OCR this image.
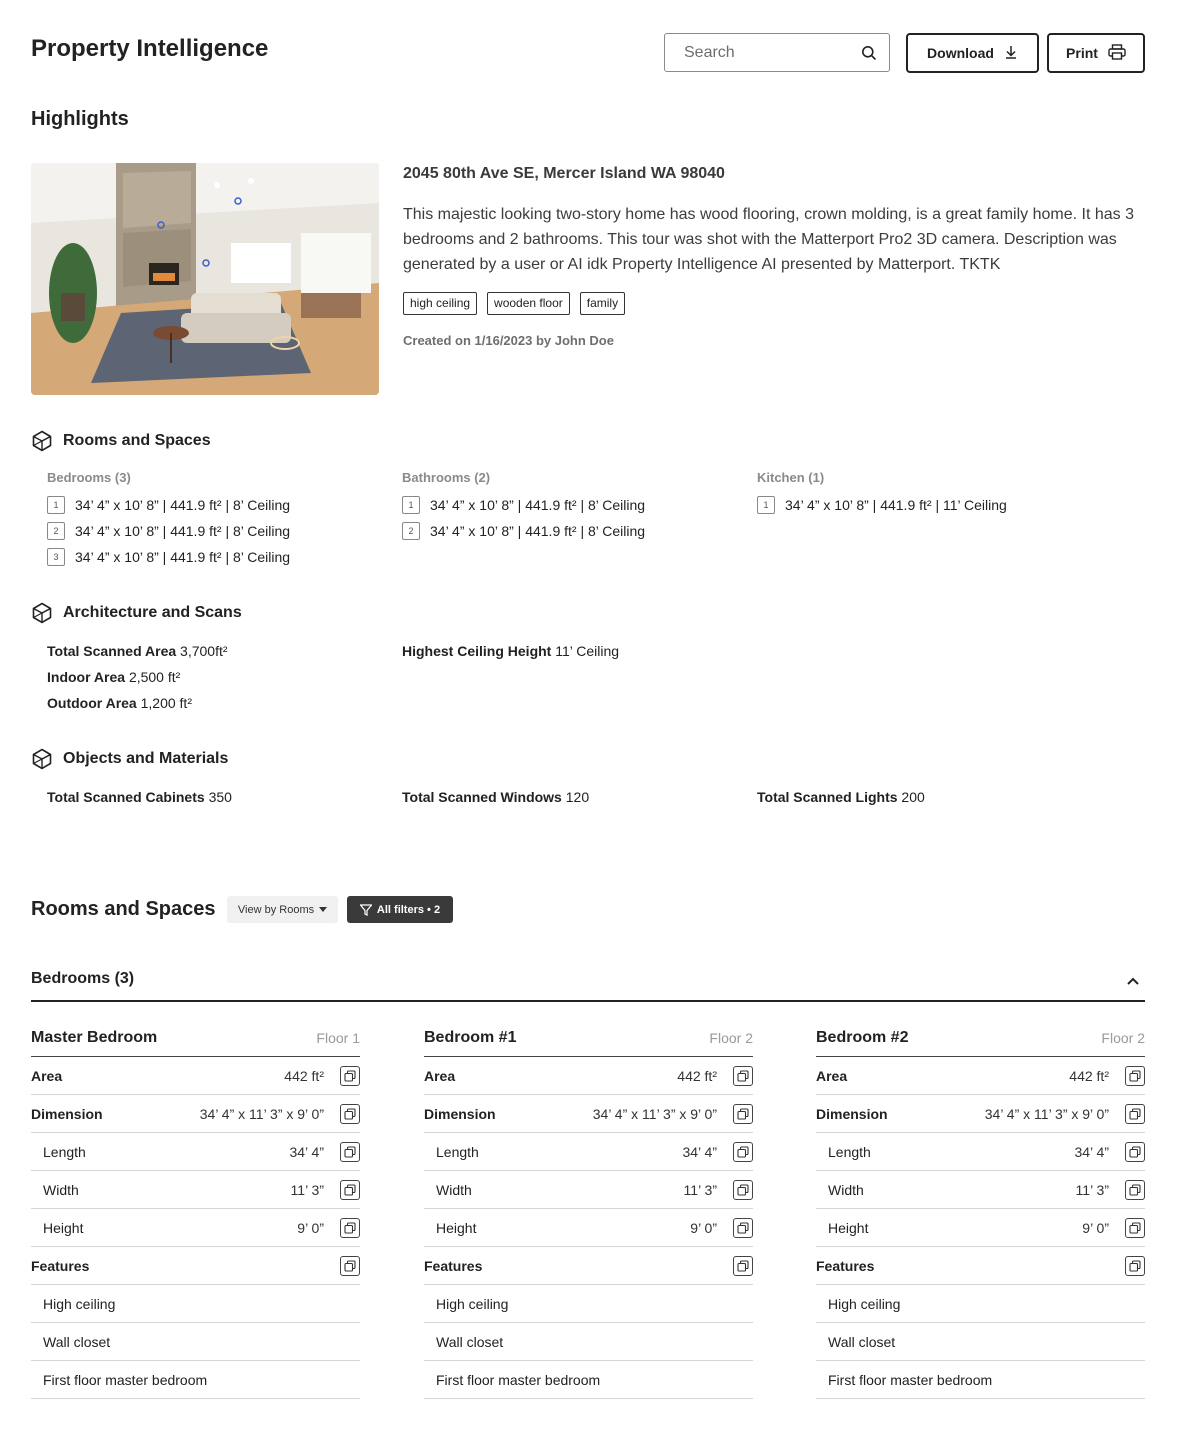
Property Intelligence
Search	Download	Print
Highlights
2045 80th Ave SE, Mercer Island WA 98040
This majestic looking two-story home has wood flooring, crown molding, is a great family home. It has 3 bedrooms and 2 bathrooms. This tour was shot with the Matterport Pro2 3D camera. Description was generated by a user or AI idk Property Intelligence AI presented by Matterport. TKTK
high ceiling	wooden floor	family
Created on 1/16/2023 by John Doe
Rooms and Spaces
Bedrooms (3)
1	34’ 4” x 10’ 8” | 441.9 ft² | 8’ Ceiling
2	34’ 4” x 10’ 8” | 441.9 ft² | 8’ Ceiling
3	34’ 4” x 10’ 8” | 441.9 ft² | 8’ Ceiling
Bathrooms (2)
1	34’ 4” x 10’ 8” | 441.9 ft² | 8’ Ceiling
2	34’ 4” x 10’ 8” | 441.9 ft² | 8’ Ceiling
Kitchen (1)
1	34’ 4” x 10’ 8” | 441.9 ft² | 11’ Ceiling
Architecture and Scans
Total Scanned Area 3,700ft²
Indoor Area 2,500 ft²
Outdoor Area 1,200 ft²
Highest Ceiling Height 11’ Ceiling
Objects and Materials
Total Scanned Cabinets 350	Total Scanned Windows 120	Total Scanned Lights 200
Rooms and Spaces View by Rooms	All filters • 2
Bedrooms (3)
Master Bedroom	Floor 1
Area	442 ft²
Dimension	34’ 4” x 11’ 3” x 9’ 0”
Length	34’ 4”
Width	11’ 3”
Height	9’ 0”
Features
High ceiling
Wall closet
First floor master bedroom
Bedroom #1	Floor 2
Area	442 ft²
Dimension	34’ 4” x 11’ 3” x 9’ 0”
Length	34’ 4”
Width	11’ 3”
Height	9’ 0”
Features
High ceiling
Wall closet
First floor master bedroom
Bedroom #2	Floor 2
Area	442 ft²
Dimension	34’ 4” x 11’ 3” x 9’ 0”
Length	34’ 4”
Width	11’ 3”
Height	9’ 0”
Features
High ceiling
Wall closet
First floor master bedroom
